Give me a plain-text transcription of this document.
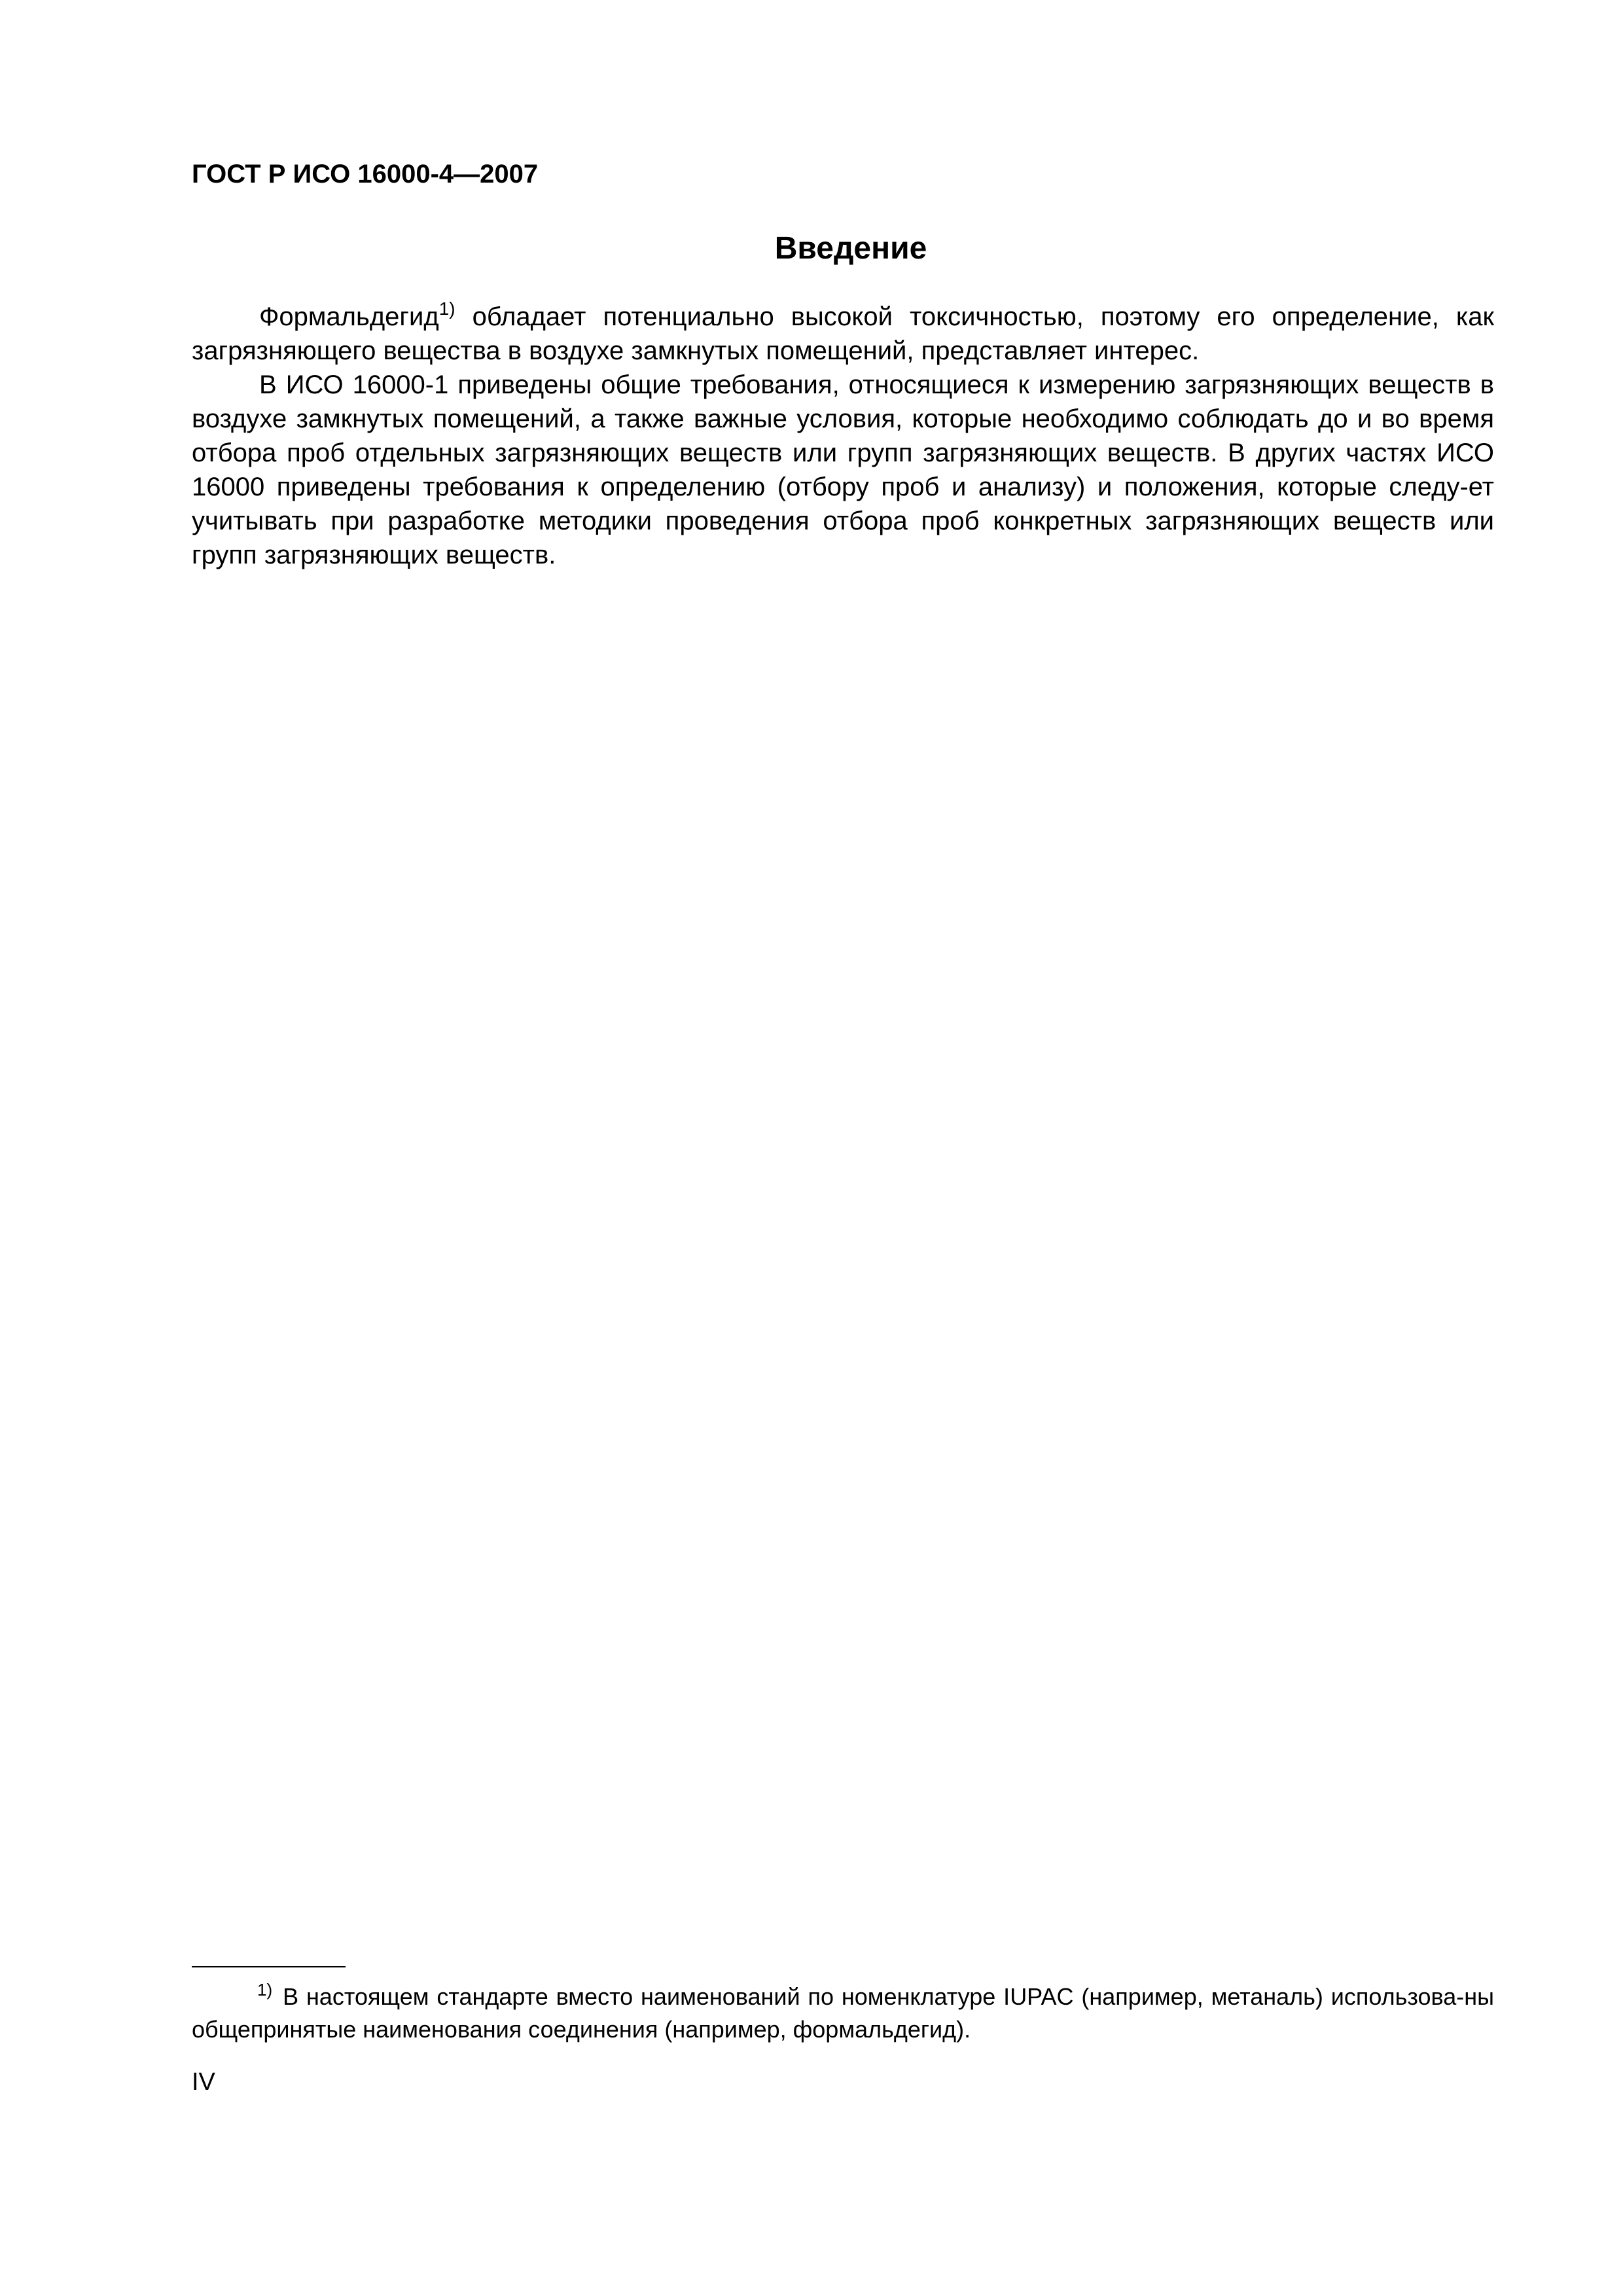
ГОСТ Р ИСО 16000-4—2007
Введение

Формальдегид$^{1)}$ обладает потенциально высокой токсичностью, поэтому его определение, как загрязняющего вещества в воздухе замкнутых помещений, представляет интерес.

В ИСО 16000-1 приведены общие требования, относящиеся к измерению загрязняющих веществ в воздухе замкнутых помещений, а также важные условия, которые необходимо соблюдать до и во время отбора проб отдельных загрязняющих веществ или групп загрязняющих веществ. В других частях ИСО 16000 приведены требования к определению (отбору проб и анализу) и положения, которые следу-ет учитывать при разработке методики проведения отбора проб конкретных загрязняющих веществ или групп загрязняющих веществ.

$^{1)}$ В настоящем стандарте вместо наименований по номенклатуре IUPAC (например, метаналь) использова-ны общепринятые наименования соединения (например, формальдегид).

IV
